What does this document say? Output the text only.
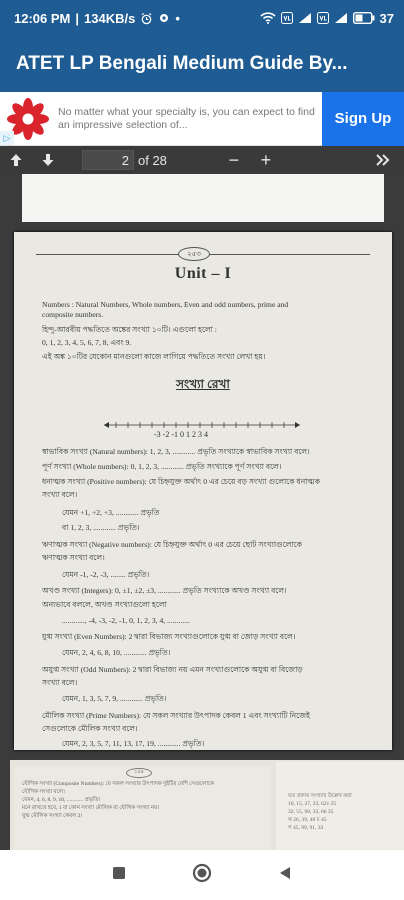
12:06 PM | 134KB/s	•	37
ATET LP Bengali Medium Guide By...
No matter what your specialty is, you can expect to find an impressive selection of...	Sign Up
▷
2
of 28	−	+
২৫৩
Unit – I
Numbers : Natural Numbers, Whole numbers, Even and odd numbers, prime and
composite numbers.
হিন্দু-আরবীয় পদ্ধতিতে অঙ্কের সংখ্যা ১০টি। এগুলো হলো :
0, 1, 2, 3, 4, 5, 6, 7, 8, এবং 9.
এই অঙ্ক ১০টির যেকোন মানগুলো কাজে লাগিয়ে পদ্ধতিতে সংখ্যা লেখা হয়।
সংখ্যা রেখা
-3 -2 -1 0 1 2 3 4
স্বাভাবিক সংখ্যা (Natural numbers): 1, 2, 3, ............ প্রভৃতি সংখ্যাকে স্বাভাবিক সংখ্যা বলে।
পূর্ণ সংখ্যা (Whole numbers): 0, 1, 2, 3, ............ প্রভৃতি সংখ্যাকে পূর্ণ সংখ্যা বলে।
ধনাত্মক সংখ্যা (Positive numbers): যে চিহ্নযুক্ত অর্থাৎ 0 এর চেয়ে বড় সংখ্যা গুলোকে ধনাত্মক
সংখ্যা বলে।
যেমন +1, +2, +3, ............ প্রভৃতি
বা 1, 2, 3, ............ প্রভৃতি।
ঋণাত্মক সংখ্যা (Negative numbers): যে চিহ্নযুক্ত অর্থাৎ 0 এর চেয়ে ছোট সংখ্যাগুলোকে
ঋণাত্মক সংখ্যা বলে।
যেমন -1, -2, -3, ........ প্রভৃতি।
অখণ্ড সংখ্যা (Integers): 0, ±1, ±2, ±3, ............ প্রভৃতি সংখ্যাকে অখণ্ড সংখ্যা বলে।
অন্যভাবে বললে, অখণ্ড সংখ্যাগুলো হলো
............, -4, -3, -2, -1, 0, 1, 2, 3, 4, ............
যুগ্ম সংখ্যা (Even Numbers): 2 দ্বারা বিভাজ্য সংখ্যাগুলোকে যুগ্ম বা জোড় সংখ্যা বলে।
যেমন, 2, 4, 6, 8, 10, ............ প্রভৃতি।
অযুগ্ম সংখ্যা (Odd Numbers): 2 দ্বারা বিভাজ্য নয় এমন সংখ্যাগুলোকে অযুগ্ম বা বিজোড়
সংখ্যা বলে।
যেমন, 1, 3, 5, 7, 9, ............ প্রভৃতি।
মৌলিক সংখ্যা (Prime Numbers): যে সকল সংখ্যার উৎপাদক কেবল 1 এবং সংখ্যাটি নিজেই
সেগুলোকে মৌলিক সংখ্যা বলে।
যেমন, 2, 3, 5, 7, 11, 13, 17, 19, ............ প্রভৃতি।
২৫৪
যৌগিক সংখ্যা (Composite Numbers): যে সকল সংখ্যার উৎপাদক দুইটির বেশি সেগুলোকে
যৌগিক সংখ্যা বলে।
যেমন, 4, 6, 8, 9, 10, ............ প্রভৃতি।
মনে রাখতে হবে, 1 বা কোন সংখ্যা মৌলিক বা যৌগিক সংখ্যা নয়।
যুগ্ম মৌলিক সংখ্যা কেবল 2।
যত প্রকার সংখ্যার উল্লেখ করা
10, 15, 27, 23, 621 25
32, 55, 90, 33, 66 35
ক 26, 39, 48 চ 45
গ 45, 99, 91, 33
